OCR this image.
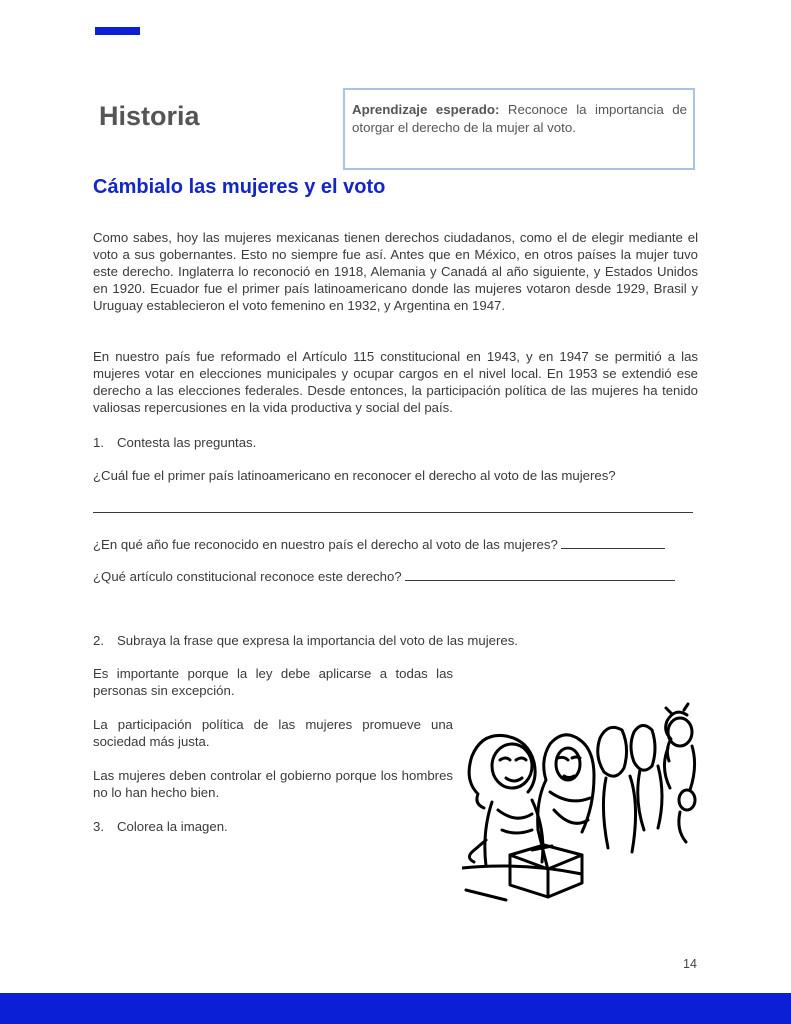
Historia	Aprendizaje esperado: Reconoce la importancia de otorgar el derecho de la mujer al voto.
Cámbialo las mujeres y el voto
Como sabes, hoy las mujeres mexicanas tienen derechos ciudadanos, como el de elegir mediante el voto a sus gobernantes. Esto no siempre fue así. Antes que en México, en otros países la mujer tuvo este derecho. Inglaterra lo reconoció en 1918, Alemania y Canadá al año siguiente, y Estados Unidos en 1920. Ecuador fue el primer país latinoamericano donde las mujeres votaron desde 1929, Brasil y Uruguay establecieron el voto femenino en 1932, y Argentina en 1947.
En nuestro país fue reformado el Artículo 115 constitucional en 1943, y en 1947 se permitió a las mujeres votar en elecciones municipales y ocupar cargos en el nivel local. En 1953 se extendió ese derecho a las elecciones federales. Desde entonces, la participación política de las mujeres ha tenido valiosas repercusiones en la vida productiva y social del país.
1. Contesta las preguntas.
¿Cuál fue el primer país latinoamericano en reconocer el derecho al voto de las mujeres?
¿En qué año fue reconocido en nuestro país el derecho al voto de las mujeres?
¿Qué artículo constitucional reconoce este derecho?
2. Subraya la frase que expresa la importancia del voto de las mujeres.
Es importante porque la ley debe aplicarse a todas las personas sin excepción.
La participación política de las mujeres promueve una sociedad más justa.
Las mujeres deben controlar el gobierno porque los hombres no lo han hecho bien.
3. Colorea la imagen.
14
